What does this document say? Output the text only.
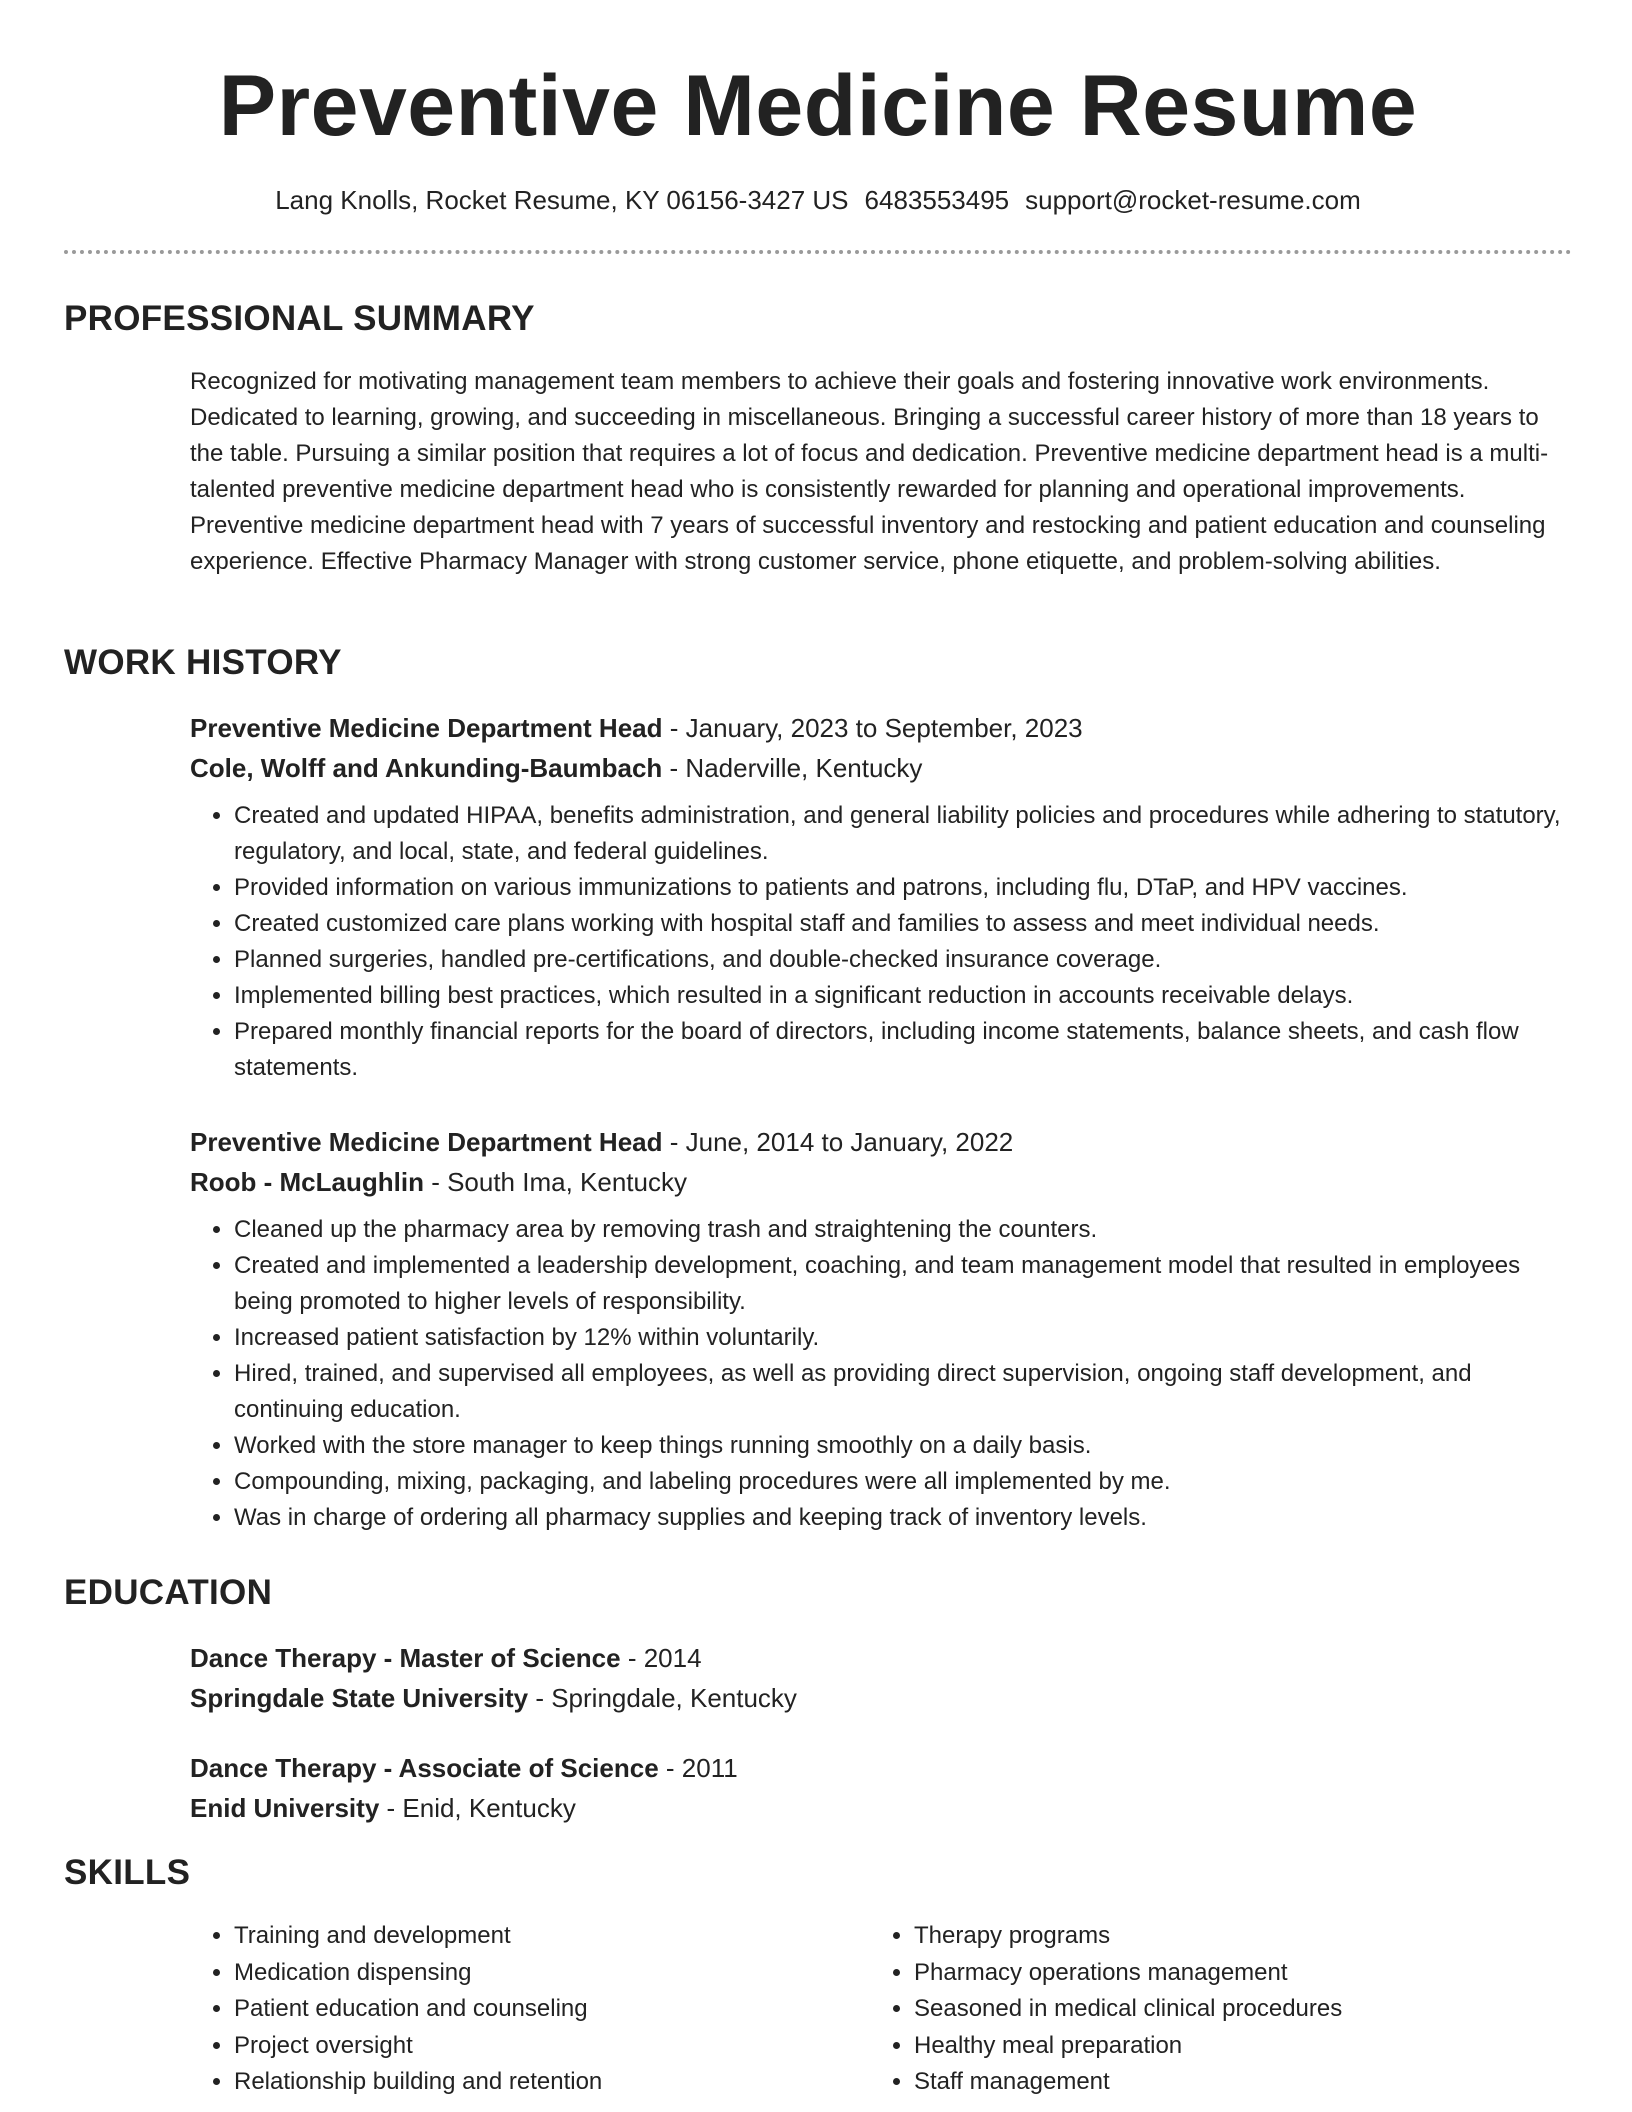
Preventive Medicine Resume
Lang Knolls, Rocket Resume, KY 06156-3427 US 6483553495 support@rocket-resume.com
PROFESSIONAL SUMMARY
Recognized for motivating management team members to achieve their goals and fostering innovative work environments. Dedicated to learning, growing, and succeeding in miscellaneous. Bringing a successful career history of more than 18 years to the table. Pursuing a similar position that requires a lot of focus and dedication. Preventive medicine department head is a multi-talented preventive medicine department head who is consistently rewarded for planning and operational improvements. Preventive medicine department head with 7 years of successful inventory and restocking and patient education and counseling experience. Effective Pharmacy Manager with strong customer service, phone etiquette, and problem-solving abilities.
WORK HISTORY
Preventive Medicine Department Head - January, 2023 to September, 2023
Cole, Wolff and Ankunding-Baumbach - Naderville, Kentucky
• Created and updated HIPAA, benefits administration, and general liability policies and procedures while adhering to statutory, regulatory, and local, state, and federal guidelines.
• Provided information on various immunizations to patients and patrons, including flu, DTaP, and HPV vaccines.
• Created customized care plans working with hospital staff and families to assess and meet individual needs.
• Planned surgeries, handled pre-certifications, and double-checked insurance coverage.
• Implemented billing best practices, which resulted in a significant reduction in accounts receivable delays.
• Prepared monthly financial reports for the board of directors, including income statements, balance sheets, and cash flow statements.
Preventive Medicine Department Head - June, 2014 to January, 2022
Roob - McLaughlin - South Ima, Kentucky
• Cleaned up the pharmacy area by removing trash and straightening the counters.
• Created and implemented a leadership development, coaching, and team management model that resulted in employees being promoted to higher levels of responsibility.
• Increased patient satisfaction by 12% within voluntarily.
• Hired, trained, and supervised all employees, as well as providing direct supervision, ongoing staff development, and continuing education.
• Worked with the store manager to keep things running smoothly on a daily basis.
• Compounding, mixing, packaging, and labeling procedures were all implemented by me.
• Was in charge of ordering all pharmacy supplies and keeping track of inventory levels.
EDUCATION
Dance Therapy - Master of Science - 2014
Springdale State University - Springdale, Kentucky
Dance Therapy - Associate of Science - 2011
Enid University - Enid, Kentucky
SKILLS
• Training and development
• Medication dispensing
• Patient education and counseling
• Project oversight
• Relationship building and retention
• Therapy programs
• Pharmacy operations management
• Seasoned in medical clinical procedures
• Healthy meal preparation
• Staff management
